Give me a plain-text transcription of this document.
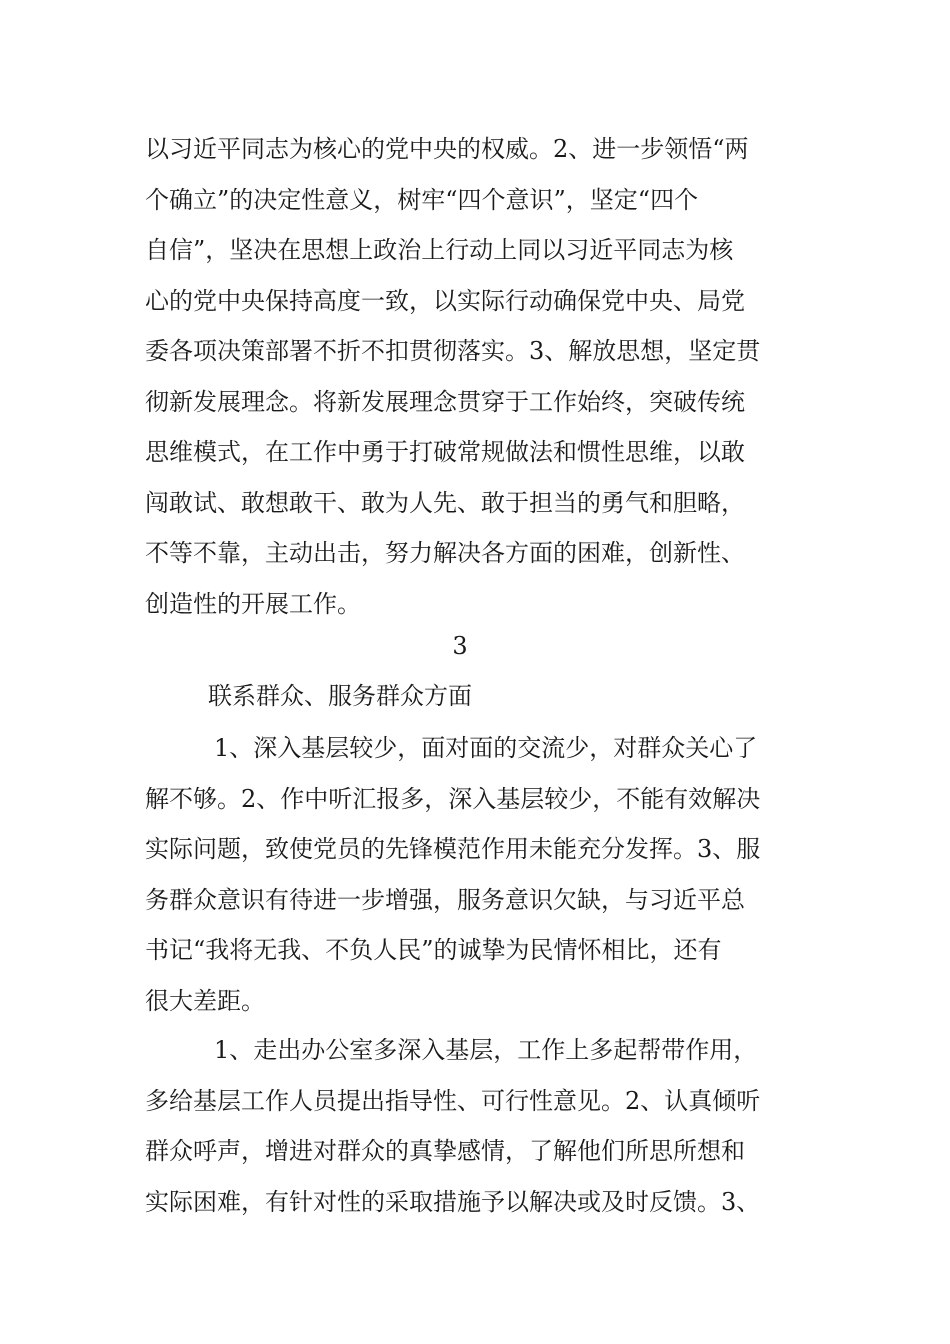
以习近平同志为核心的党中央的权威。2、进一步领悟“两
个确立”的决定性意义，树牢“四个意识”，坚定“四个
自信”，坚决在思想上政治上行动上同以习近平同志为核
心的党中央保持高度一致，以实际行动确保党中央、局党
委各项决策部署不折不扣贯彻落实。3、解放思想，坚定贯
彻新发展理念。将新发展理念贯穿于工作始终，突破传统
思维模式，在工作中勇于打破常规做法和惯性思维，以敢
闯敢试、敢想敢干、敢为人先、敢于担当的勇气和胆略，
不等不靠，主动出击，努力解决各方面的困难，创新性、
创造性的开展工作。
3
联系群众、服务群众方面
1、深入基层较少，面对面的交流少，对群众关心了
解不够。2、作中听汇报多，深入基层较少，不能有效解决
实际问题，致使党员的先锋模范作用未能充分发挥。3、服
务群众意识有待进一步增强，服务意识欠缺，与习近平总
书记“我将无我、不负人民”的诚挚为民情怀相比，还有
很大差距。
1、走出办公室多深入基层，工作上多起帮带作用，
多给基层工作人员提出指导性、可行性意见。2、认真倾听
群众呼声，增进对群众的真挚感情，了解他们所思所想和
实际困难，有针对性的采取措施予以解决或及时反馈。3、
